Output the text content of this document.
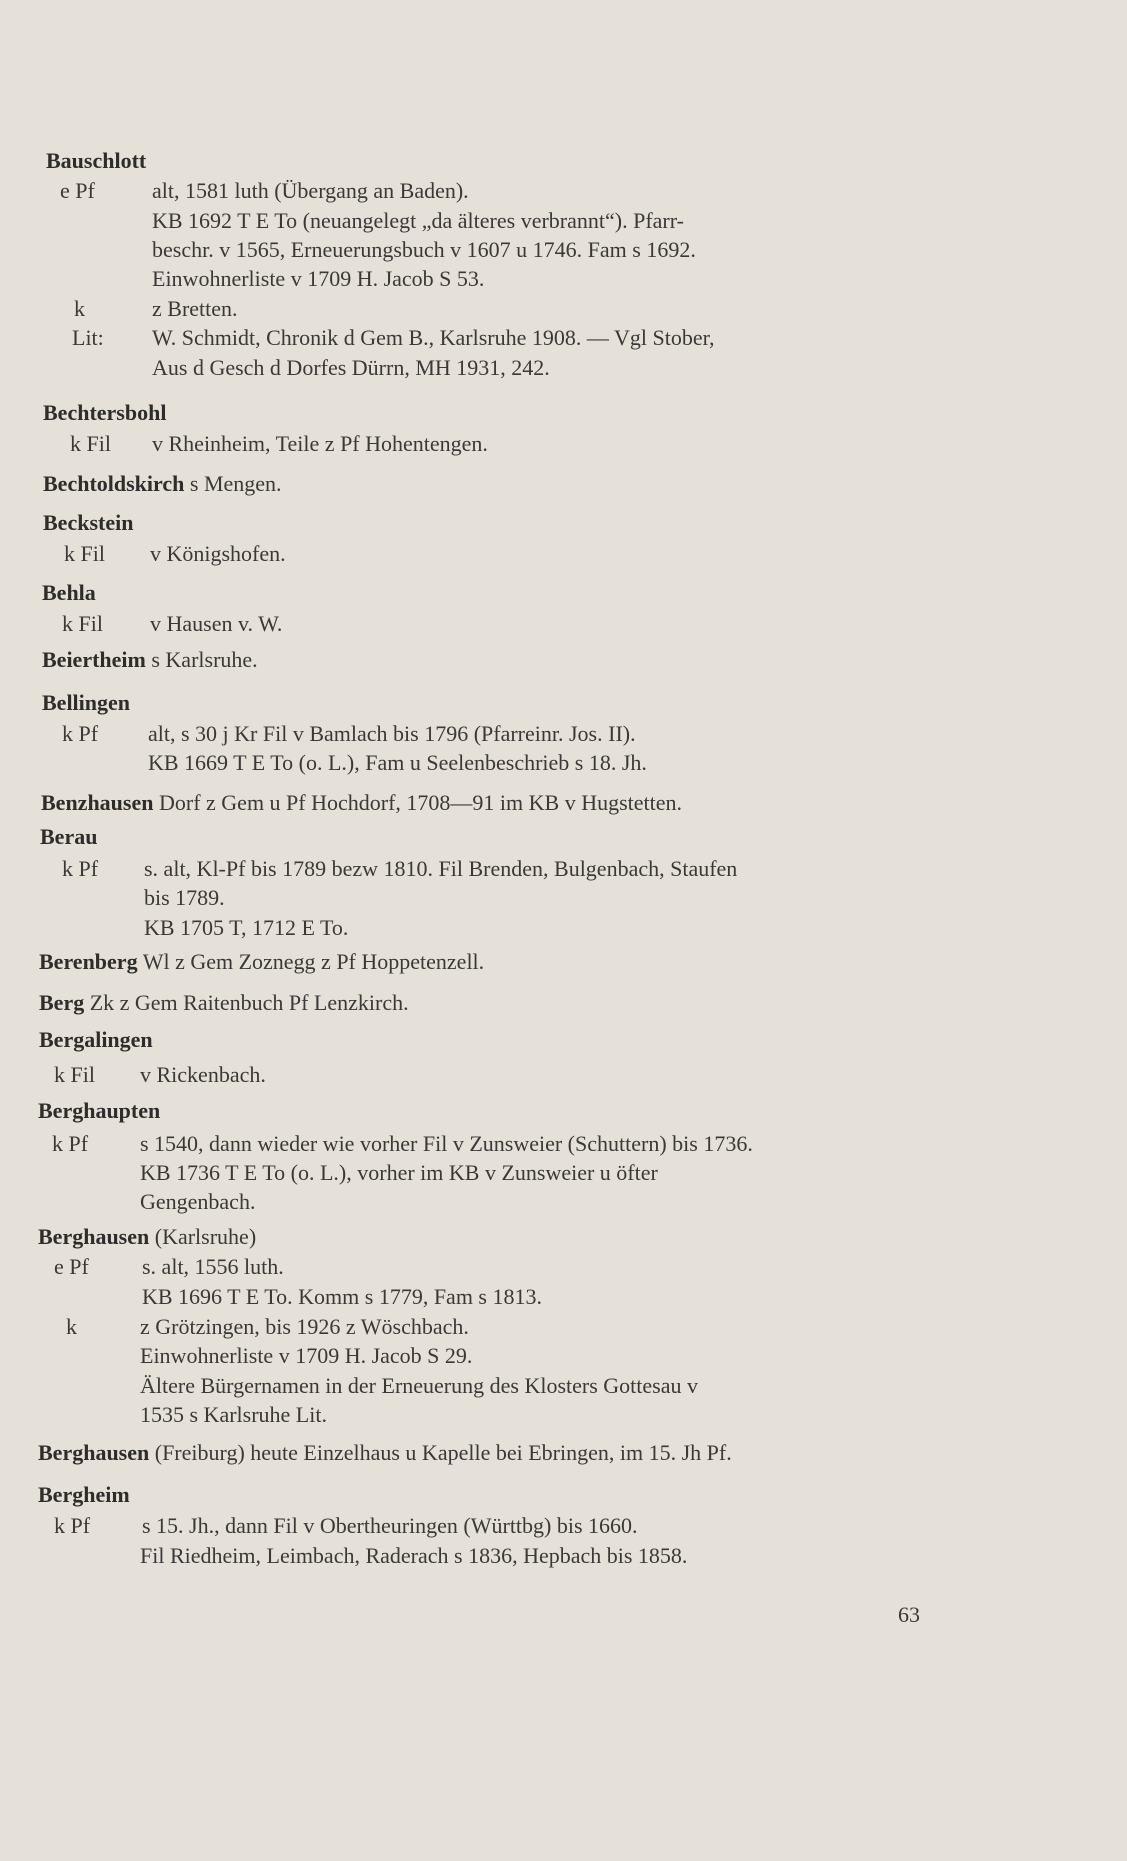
Bauschlott
e Pf	alt, 1581 luth (Übergang an Baden).
KB 1692 T E To (neuangelegt „da älteres verbrannt“). Pfarr-
beschr. v 1565, Erneuerungsbuch v 1607 u 1746. Fam s 1692.
Einwohnerliste v 1709 H. Jacob S 53.
k	z Bretten.
Lit: W. Schmidt, Chronik d Gem B., Karlsruhe 1908. — Vgl Stober,
Aus d Gesch d Dorfes Dürrn, MH 1931, 242.
Bechtersbohl
k Fil v Rheinheim, Teile z Pf Hohentengen.
Bechtoldskirch s Mengen.
Beckstein
k Fil v Königshofen.
Behla
k Fil v Hausen v. W.
Beiertheim s Karlsruhe.
Bellingen
k Pf alt, s 30 j Kr Fil v Bamlach bis 1796 (Pfarreinr. Jos. II).
KB 1669 T E To (o. L.), Fam u Seelenbeschrieb s 18. Jh.
Benzhausen Dorf z Gem u Pf Hochdorf, 1708—91 im KB v Hugstetten.
Berau
k Pf s. alt, Kl-Pf bis 1789 bezw 1810. Fil Brenden, Bulgenbach, Staufen
bis 1789.
KB 1705 T, 1712 E To.
Berenberg Wl z Gem Zoznegg z Pf Hoppetenzell.
Berg Zk z Gem Raitenbuch Pf Lenzkirch.
Bergalingen
k Fil v Rickenbach.
Berghaupten
k Pf s 1540, dann wieder wie vorher Fil v Zunsweier (Schuttern) bis 1736.
KB 1736 T E To (o. L.), vorher im KB v Zunsweier u öfter
Gengenbach.
Berghausen (Karlsruhe)
e Pf s. alt, 1556 luth.
KB 1696 T E To. Komm s 1779, Fam s 1813.
k	z Grötzingen, bis 1926 z Wöschbach.
Einwohnerliste v 1709 H. Jacob S 29.
Ältere Bürgernamen in der Erneuerung des Klosters Gottesau v
1535 s Karlsruhe Lit.
Berghausen (Freiburg) heute Einzelhaus u Kapelle bei Ebringen, im 15. Jh Pf.
Bergheim
k Pf s 15. Jh., dann Fil v Obertheuringen (Württbg) bis 1660.
Fil Riedheim, Leimbach, Raderach s 1836, Hepbach bis 1858.
63
